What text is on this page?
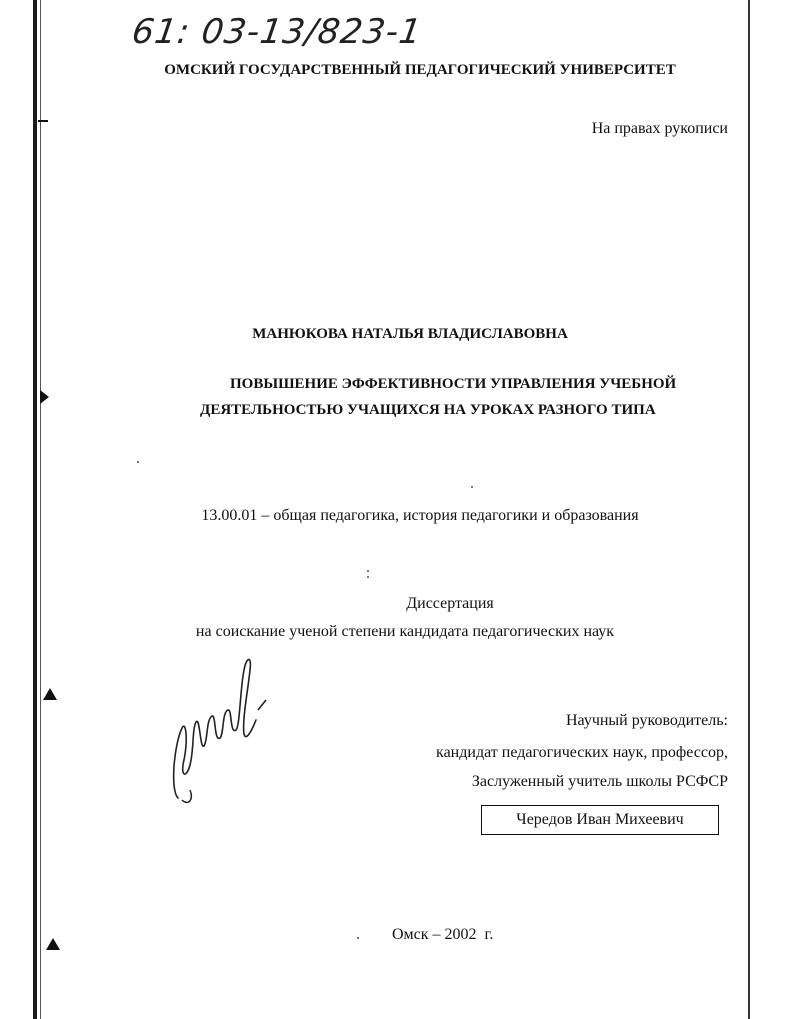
61: 03-13/823-1
ОМСКИЙ ГОСУДАРСТВЕННЫЙ ПЕДАГОГИЧЕСКИЙ УНИВЕРСИТЕТ
На правах рукописи
МАНЮКОВА НАТАЛЬЯ ВЛАДИСЛАВОВНА
ПОВЫШЕНИЕ ЭФФЕКТИВНОСТИ УПРАВЛЕНИЯ УЧЕБНОЙ
ДЕЯТЕЛЬНОСТЬЮ УЧАЩИХСЯ НА УРОКАХ РАЗНОГО ТИПА
13.00.01 – общая педагогика, история педагогики и образования
Диссертация
на соискание ученой степени кандидата педагогических наук
Научный руководитель:
кандидат педагогических наук, профессор,
Заслуженный учитель школы РСФСР
Чередов Иван Михеевич
Омск – 2002  г.
